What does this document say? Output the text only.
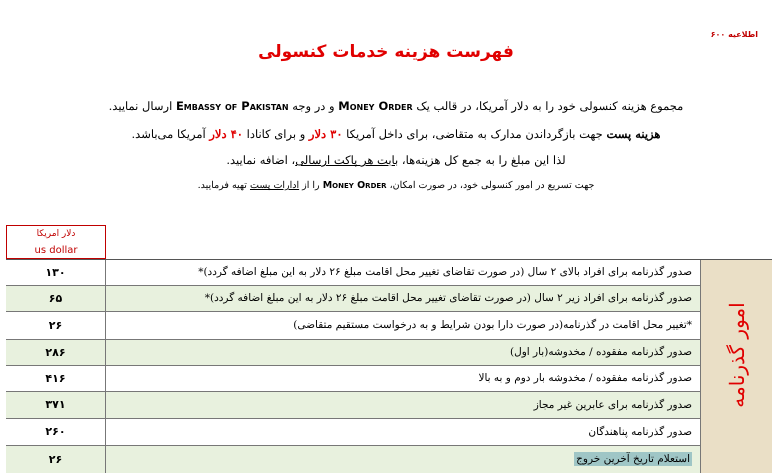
اطلاعیه ۶۰۰
فهرست هزینه خدمات کنسولی
مجموع هزینه کنسولی خود را به دلار آمریکا، در قالب یک Money Order و در وجه Embassy of Pakistan ارسال نمایید.
هزینه پست جهت بازگرداندن مدارک به متقاضی، برای داخل آمریکا ۳۰ دلار و برای کانادا ۴۰ دلار آمریکا می‌باشد.
لذا این مبلغ را به جمع کل هزینه‌ها، بابت هر پاکت ارسالی، اضافه نمایید.
جهت تسریع در امور کنسولی خود، در صورت امکان، Money Order را از ادارات پست تهیه فرمایید.
دلار امریکا
us dollar
۱۳۰	صدور گذرنامه برای افراد بالای ۲ سال (در صورت تقاضای تغییر محل اقامت مبلغ ۲۶ دلار به این مبلغ اضافه گردد)*
۶۵	صدور گذرنامه برای افراد زیر ۲ سال (در صورت تقاضای تغییر محل اقامت مبلغ ۲۶ دلار به این مبلغ اضافه گردد)*
۲۶	*تغییر محل اقامت در گذرنامه(در صورت دارا بودن شرایط و به درخواست مستقیم متقاضی)
۲۸۶	صدور گذرنامه مفقوده / مخدوشه(بار اول)
۴۱۶	صدور گذرنامه مفقوده / مخدوشه بار دوم و به بالا
۳۷۱	صدور گذرنامه برای عابرین غیر مجاز
۲۶۰	صدور گذرنامه پناهندگان
۲۶	استعلام تاریخ آخرین خروج
امور گذرنامه
